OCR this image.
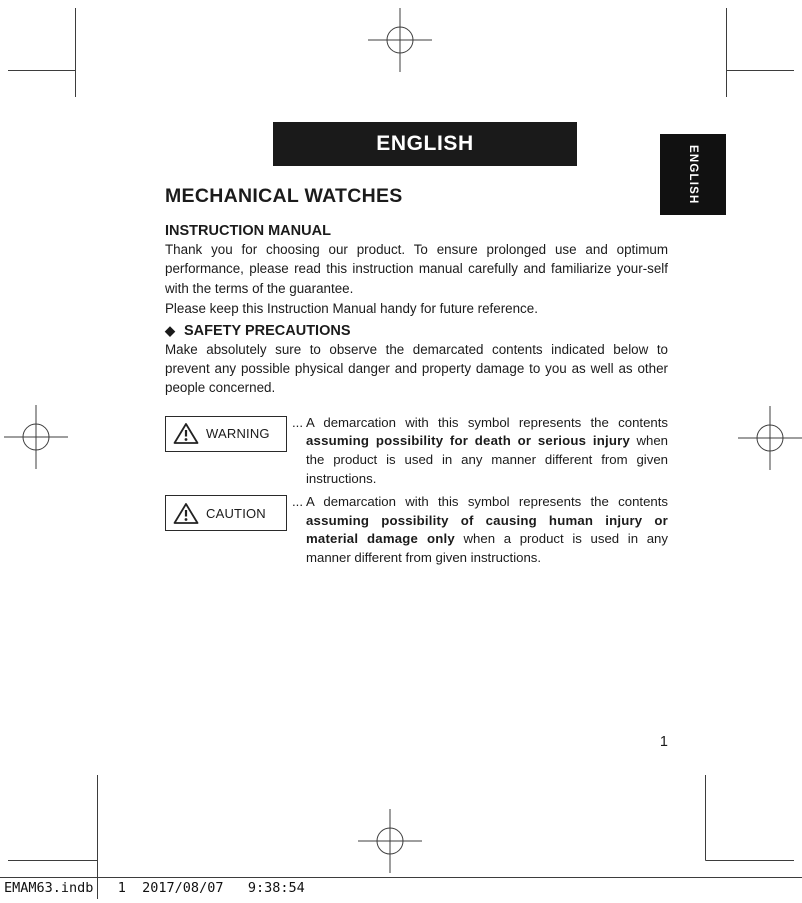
ENGLISH
ENGLISH
MECHANICAL WATCHES
INSTRUCTION MANUAL

Thank you for choosing our product. To ensure prolonged use and optimum performance, please read this instruction manual carefully and familiarize your-self with the terms of the guarantee.

Please keep this Instruction Manual handy for future reference.

◆ SAFETY PRECAUTIONS

Make absolutely sure to observe the demarcated contents indicated below to prevent any possible physical danger and property damage to you as well as other people concerned.

WARNING
... A demarcation with this symbol represents the contents assuming possibility for death or serious injury when the product is used in any manner different from given instructions.
CAUTION
... A demarcation with this symbol represents the contents assuming possibility of causing human injury or material damage only when a product is used in any manner different from given instructions.
1
EMAM63.indb   1  2017/08/07   9:38:54
